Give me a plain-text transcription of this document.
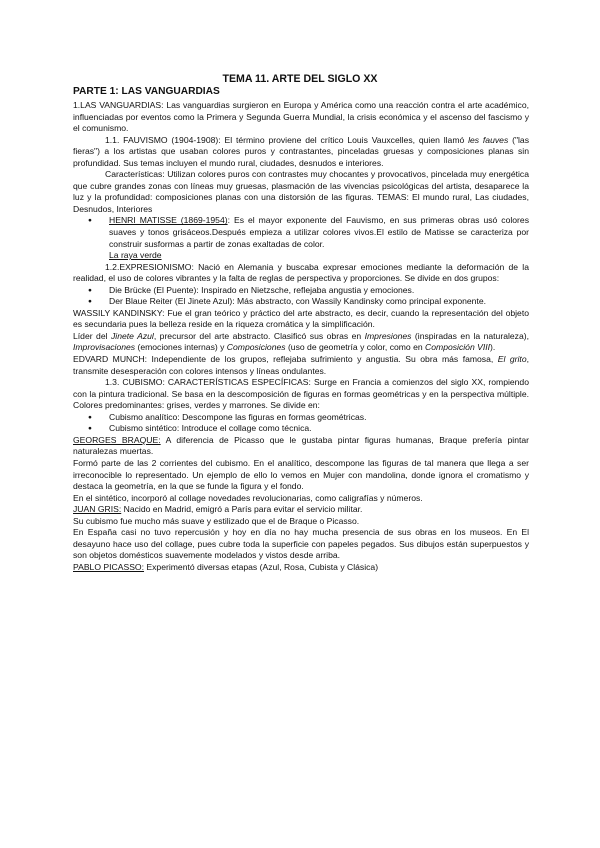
TEMA 11. ARTE DEL SIGLO XX
PARTE 1: LAS VANGUARDIAS

1.LAS VANGUARDIAS: Las vanguardias surgieron en Europa y América como una reacción contra el arte académico, influenciadas por eventos como la Primera y Segunda Guerra Mundial, la crisis económica y el ascenso del fascismo y el comunismo.

1.1. FAUVISMO (1904-1908): El término proviene del crítico Louis Vauxcelles, quien llamó les fauves ("las fieras") a los artistas que usaban colores puros y contrastantes, pinceladas gruesas y composiciones planas sin profundidad. Sus temas incluyen el mundo rural, ciudades, desnudos e interiores.

Características: Utilizan colores puros con contrastes muy chocantes y provocativos, pincelada muy energética que cubre grandes zonas con líneas muy gruesas, plasmación de las vivencias psicológicas del artista, desaparece la luz y la profundidad: composiciones planas con una distorsión de las figuras. TEMAS: El mundo rural, Las ciudades, Desnudos, Interiores

● HENRI MATISSE (1869-1954): Es el mayor exponente del Fauvismo, en sus primeras obras usó colores suaves y tonos grisáceos.Después empieza a utilizar colores vivos.El estilo de Matisse se caracteriza por construir susformas a partir de zonas exaltadas de color.

La raya verde

1.2.EXPRESIONISMO: Nació en Alemania y buscaba expresar emociones mediante la deformación de la realidad, el uso de colores vibrantes y la falta de reglas de perspectiva y proporciones. Se divide en dos grupos:

● Die Brücke (El Puente): Inspirado en Nietzsche, reflejaba angustia y emociones.
● Der Blaue Reiter (El Jinete Azul): Más abstracto, con Wassily Kandinsky como principal exponente.

WASSILY KANDINSKY: Fue el gran teórico y práctico del arte abstracto, es decir, cuando la representación del objeto es secundaria pues la belleza reside en la riqueza cromática y la simplificación.

Líder del Jinete Azul, precursor del arte abstracto. Clasificó sus obras en Impresiones (inspiradas en la naturaleza), Improvisaciones (emociones internas) y Composiciones (uso de geometría y color, como en Composición VIII).

EDVARD MUNCH: Independiente de los grupos, reflejaba sufrimiento y angustia. Su obra más famosa, El grito, transmite desesperación con colores intensos y líneas ondulantes.

1.3. CUBISMO: CARACTERÍSTICAS ESPECÍFICAS: Surge en Francia a comienzos del siglo XX, rompiendo con la pintura tradicional. Se basa en la descomposición de figuras en formas geométricas y en la perspectiva múltiple. Colores predominantes: grises, verdes y marrones. Se divide en:

● Cubismo analítico: Descompone las figuras en formas geométricas.
● Cubismo sintético: Introduce el collage como técnica.

GEORGES BRAQUE: A diferencia de Picasso que le gustaba pintar figuras humanas, Braque prefería pintar naturalezas muertas.

Formó parte de las 2 corrientes del cubismo. En el analítico, descompone las figuras de tal manera que llega a ser irreconocible lo representado. Un ejemplo de ello lo vemos en Mujer con mandolina, donde ignora el cromatismo y destaca la geometría, en la que se funde la figura y el fondo.

En el sintético, incorporó al collage novedades revolucionarias, como caligrafías y números.

JUAN GRIS: Nacido en Madrid, emigró a París para evitar el servicio militar.

Su cubismo fue mucho más suave y estilizado que el de Braque o Picasso.

En España casi no tuvo repercusión y hoy en día no hay mucha presencia de sus obras en los museos. En El desayuno hace uso del collage, pues cubre toda la superficie con papeles pegados. Sus dibujos están superpuestos y son objetos domésticos suavemente modelados y vistos desde arriba.

PABLO PICASSO: Experimentó diversas etapas (Azul, Rosa, Cubista y Clásica)
